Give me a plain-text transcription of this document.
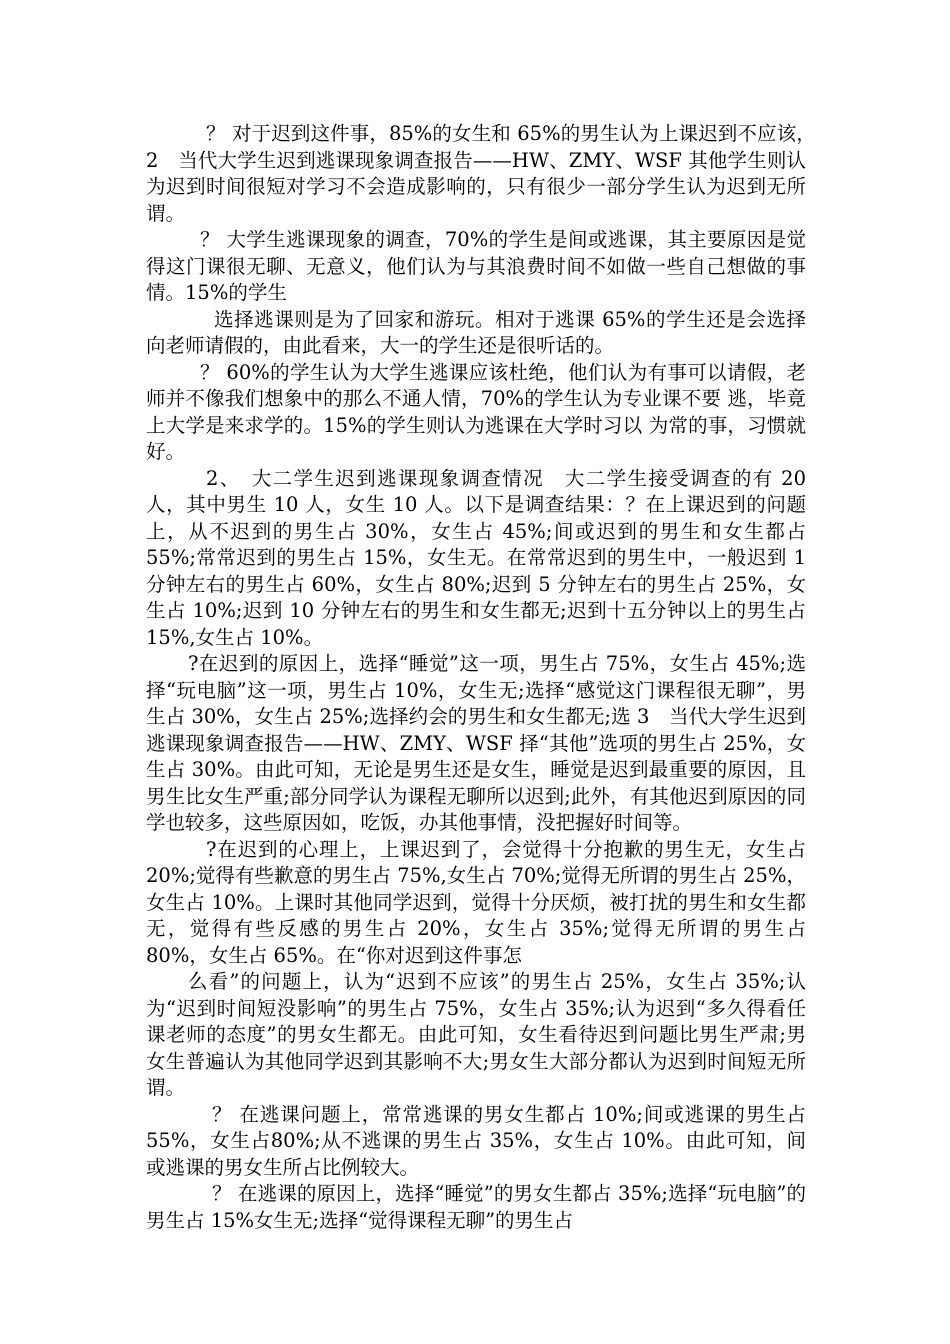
？ 对于迟到这件事，85%的女生和 65%的男生认为上课迟到不应该，　2　当代大学生迟到逃课现象调查报告——HW、ZMY、WSF 其他学生则认为迟到时间很短对学习不会造成影响的，只有很少一部分学生认为迟到无所谓。

？ 大学生逃课现象的调查，70%的学生是间或逃课，其主要原因是觉得这门课很无聊、无意义，他们认为与其浪费时间不如做一些自己想做的事情。15%的学生

选择逃课则是为了回家和游玩。相对于逃课 65%的学生还是会选择向老师请假的，由此看来，大一的学生还是很听话的。

？ 60%的学生认为大学生逃课应该杜绝，他们认为有事可以请假，老 师并不像我们想象中的那么不通人情，70%的学生认为专业课不要 逃，毕竟上大学是来求学的。15%的学生则认为逃课在大学时习以 为常的事，习惯就好。

2、　大二学生迟到逃课现象调查情况　大二学生接受调查的有 20 人，其中男生 10 人，女生 10 人。以下是调查结果：？在上课迟到的问题上，从不迟到的男生占 30%，女生占 45%;间或迟到的男生和女生都占 55%;常常迟到的男生占 15%，女生无。在常常迟到的男生中，一般迟到 1 分钟左右的男生占 60%，女生占 80%;迟到 5 分钟左右的男生占 25%，女生占 10%;迟到 10 分钟左右的男生和女生都无;迟到十五分钟以上的男生占 15%,女生占 10%。

?在迟到的原因上，选择“睡觉”这一项，男生占 75%，女生占 45%;选择“玩电脑”这一项，男生占 10%，女生无;选择“感觉这门课程很无聊”，男生占 30%，女生占 25%;选择约会的男生和女生都无;选 3　当代大学生迟到逃课现象调查报告——HW、ZMY、WSF 择“其他”选项的男生占 25%，女生占 30%。由此可知，无论是男生还是女生，睡觉是迟到最重要的原因，且男生比女生严重;部分同学认为课程无聊所以迟到;此外，有其他迟到原因的同学也较多，这些原因如，吃饭，办其他事情，没把握好时间等。

?在迟到的心理上，上课迟到了，会觉得十分抱歉的男生无，女生占 20%;觉得有些歉意的男生占 75%,女生占 70%;觉得无所谓的男生占 25%，女生占 10%。上课时其他同学迟到，觉得十分厌烦，被打扰的男生和女生都无，觉得有些反感的男生占 20%，女生占 35%;觉得无所谓的男生占 80%，女生占 65%。在“你对迟到这件事怎

么看”的问题上，认为“迟到不应该”的男生占 25%，女生占 35%;认为“迟到时间短没影响”的男生占 75%，女生占 35%;认为迟到“多久得看任课老师的态度”的男女生都无。由此可知，女生看待迟到问题比男生严肃;男女生普遍认为其他同学迟到其影响不大;男女生大部分都认为迟到时间短无所谓。

？ 在逃课问题上，常常逃课的男女生都占 10%;间或逃课的男生占 55%，女生占80%;从不逃课的男生占 35%，女生占 10%。由此可知，间或逃课的男女生所占比例较大。

？ 在逃课的原因上，选择“睡觉”的男女生都占 35%;选择“玩电脑”的男生占 15%女生无;选择“觉得课程无聊”的男生占
